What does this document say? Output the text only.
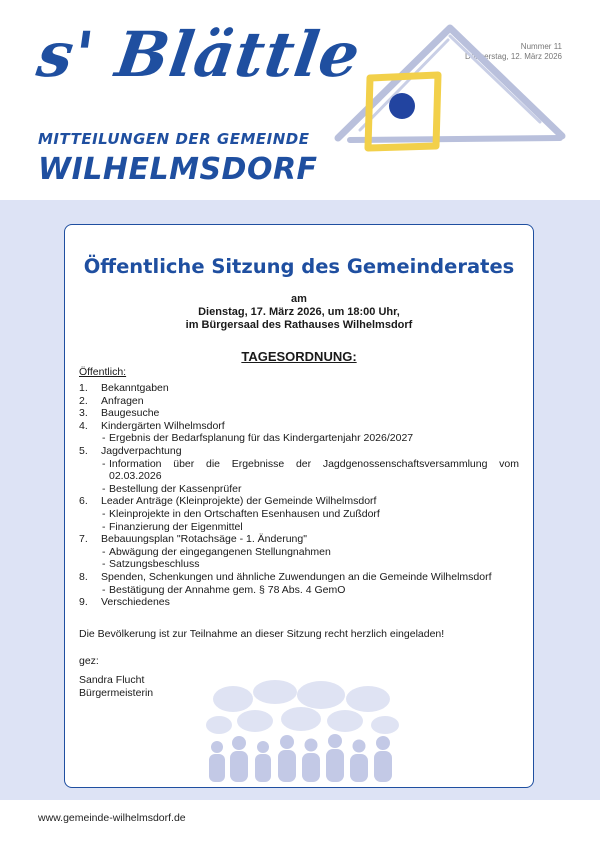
s' Blättle
MITTEILUNGEN DER GEMEINDE
WILHELMSDORF
Nummer 11
Donnerstag, 12. März 2026
Öffentliche Sitzung des Gemeinderates
am
Dienstag, 17. März 2026, um 18:00 Uhr,
im Bürgersaal des Rathauses Wilhelmsdorf
TAGESORDNUNG:
Öffentlich:
1.	Bekanntgaben
2.	Anfragen
3.	Baugesuche
4.	Kindergärten Wilhelmsdorf
- Ergebnis der Bedarfsplanung für das Kindergartenjahr 2026/2027
5.	Jagdverpachtung
- Information über die Ergebnisse der Jagdgenossenschaftsversammlung vom 02.03.2026
- Bestellung der Kassenprüfer
6.	Leader Anträge (Kleinprojekte) der Gemeinde Wilhelmsdorf
- Kleinprojekte in den Ortschaften Esenhausen und Zußdorf
- Finanzierung der Eigenmittel
7.	Bebauungsplan "Rotachsäge - 1. Änderung"
- Abwägung der eingegangenen Stellungnahmen
- Satzungsbeschluss
8.	Spenden, Schenkungen und ähnliche Zuwendungen an die Gemeinde Wilhelmsdorf
- Bestätigung der Annahme gem. § 78 Abs. 4 GemO
9.	Verschiedenes
Die Bevölkerung ist zur Teilnahme an dieser Sitzung recht herzlich eingeladen!
gez:
Sandra Flucht
Bürgermeisterin
www.gemeinde-wilhelmsdorf.de
